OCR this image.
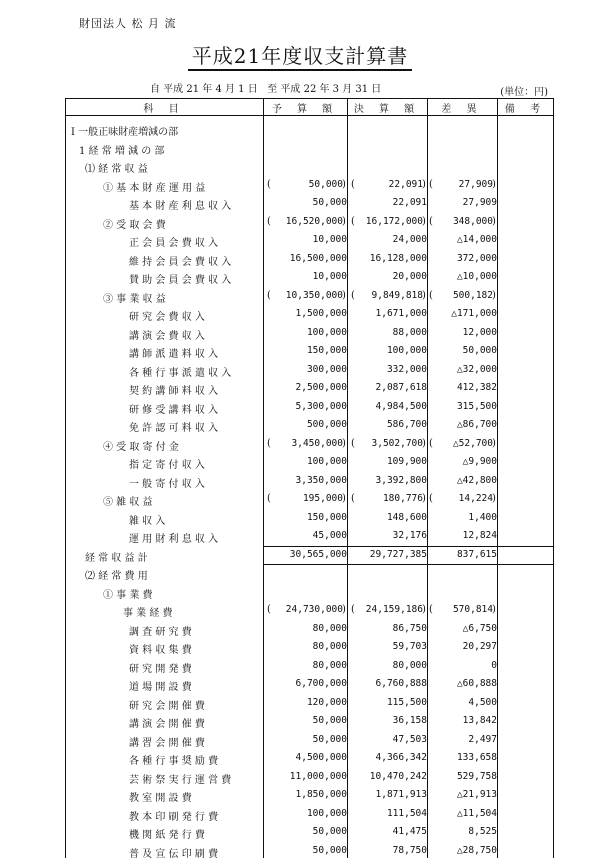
財団法人 松 月 流
平成21年度収支計算書
自 平成 21 年 4 月 1 日   至 平成 22 年 3 月 31 日	(単位：円)
科 目	予 算 額	決 算 額	差 異	備 考
Ⅰ 一般正味財産増減の部
1 経 常 増 減 の 部
⑴ 経 常 収 益
① 基 本 財 産 運 用 益	(	50,000 ) (	22,091 ) (	27,909 )
基 本 財 産 利 息 収 入	50,000	22,091	27,909
② 受 取 会 費	(	16,520,000 ) (	16,172,000 ) (	348,000 )
正 会 員 会 費 収 入	10,000	24,000	△14,000
維 持 会 員 会 費 収 入	16,500,000	16,128,000	372,000
賛 助 会 員 会 費 収 入	10,000	20,000	△10,000
③ 事 業 収 益	(	10,350,000 ) (	9,849,818 ) (	500,182 )
研 究 会 費 収 入	1,500,000	1,671,000	△171,000
講 演 会 費 収 入	100,000	88,000	12,000
講 師 派 遣 料 収 入	150,000	100,000	50,000
各 種 行 事 派 遣 収 入	300,000	332,000	△32,000
契 約 講 師 料 収 入	2,500,000	2,087,618	412,382
研 修 受 講 料 収 入	5,300,000	4,984,500	315,500
免 許 認 可 料 収 入	500,000	586,700	△86,700
④ 受 取 寄 付 金	(	3,450,000 ) (	3,502,700 ) (	△52,700 )
指 定 寄 付 収 入	100,000	109,900	△9,900
一 般 寄 付 収 入	3,350,000	3,392,800	△42,800
⑤ 雑 収 益	(	195,000 ) (	180,776 ) (	14,224 )
雑 収 入	150,000	148,600	1,400
運 用 財 利 息 収 入	45,000	32,176	12,824
経 常 収 益 計	30,565,000	29,727,385	837,615
⑵ 経 常 費 用
① 事 業 費
事 業 経 費	(	24,730,000 ) (	24,159,186 ) (	570,814 )
調 査 研 究 費	80,000	86,750	△6,750
資 料 収 集 費	80,000	59,703	20,297
研 究 開 発 費	80,000	80,000	0
道 場 開 設 費	6,700,000	6,760,888	△60,888
研 究 会 開 催 費	120,000	115,500	4,500
講 演 会 開 催 費	50,000	36,158	13,842
講 習 会 開 催 費	50,000	47,503	2,497
各 種 行 事 奨 励 費	4,500,000	4,366,342	133,658
芸 術 祭 実 行 運 営 費	11,000,000	10,470,242	529,758
教 室 開 設 費	1,850,000	1,871,913	△21,913
教 本 印 刷 発 行 費	100,000	111,504	△11,504
機 関 紙 発 行 費	50,000	41,475	8,525
普 及 宣 伝 印 刷 費	50,000	78,750	△28,750
